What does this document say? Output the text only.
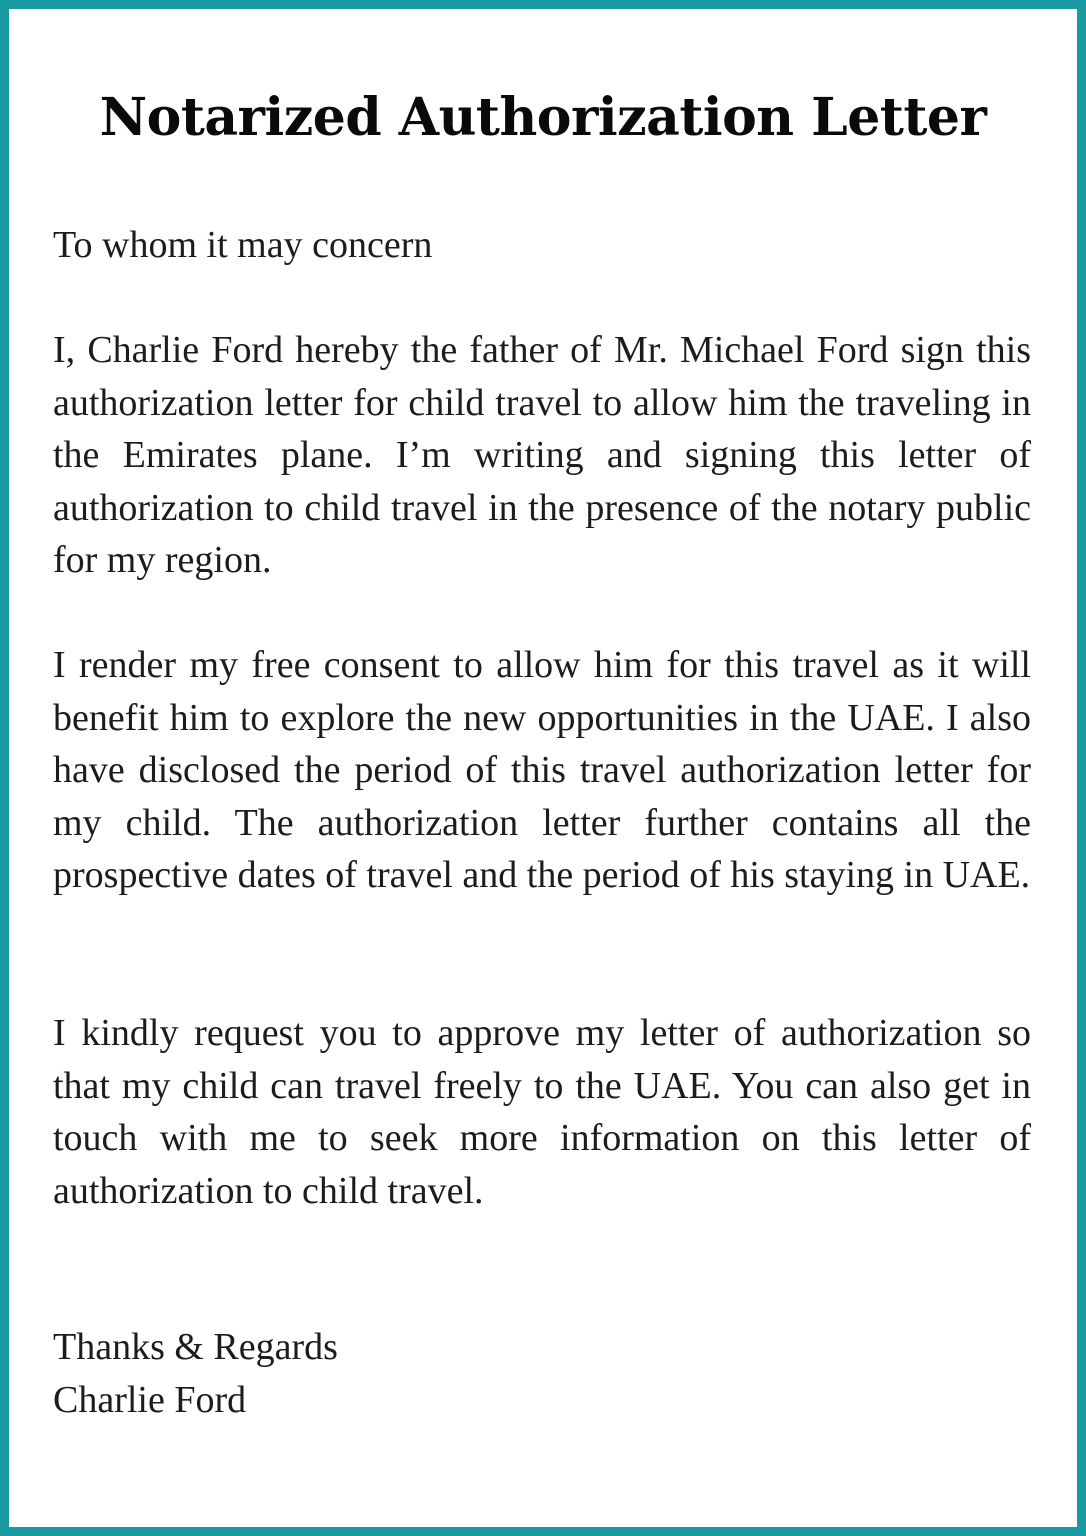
Notarized Authorization Letter

To whom it may concern

I, Charlie Ford hereby the father of Mr. Michael Ford sign this authorization letter for child travel to allow him the traveling in the Emirates plane. I’m writing and signing this letter of authorization to child travel in the presence of the notary public for my region.

I render my free consent to allow him for this travel as it will benefit him to explore the new opportunities in the UAE. I also have disclosed the period of this travel authorization letter for my child. The authorization letter further contains all the prospective dates of travel and the period of his staying in UAE.

I kindly request you to approve my letter of authorization so that my child can travel freely to the UAE. You can also get in touch with me to seek more information on this letter of authorization to child travel.

Thanks & Regards

Charlie Ford
